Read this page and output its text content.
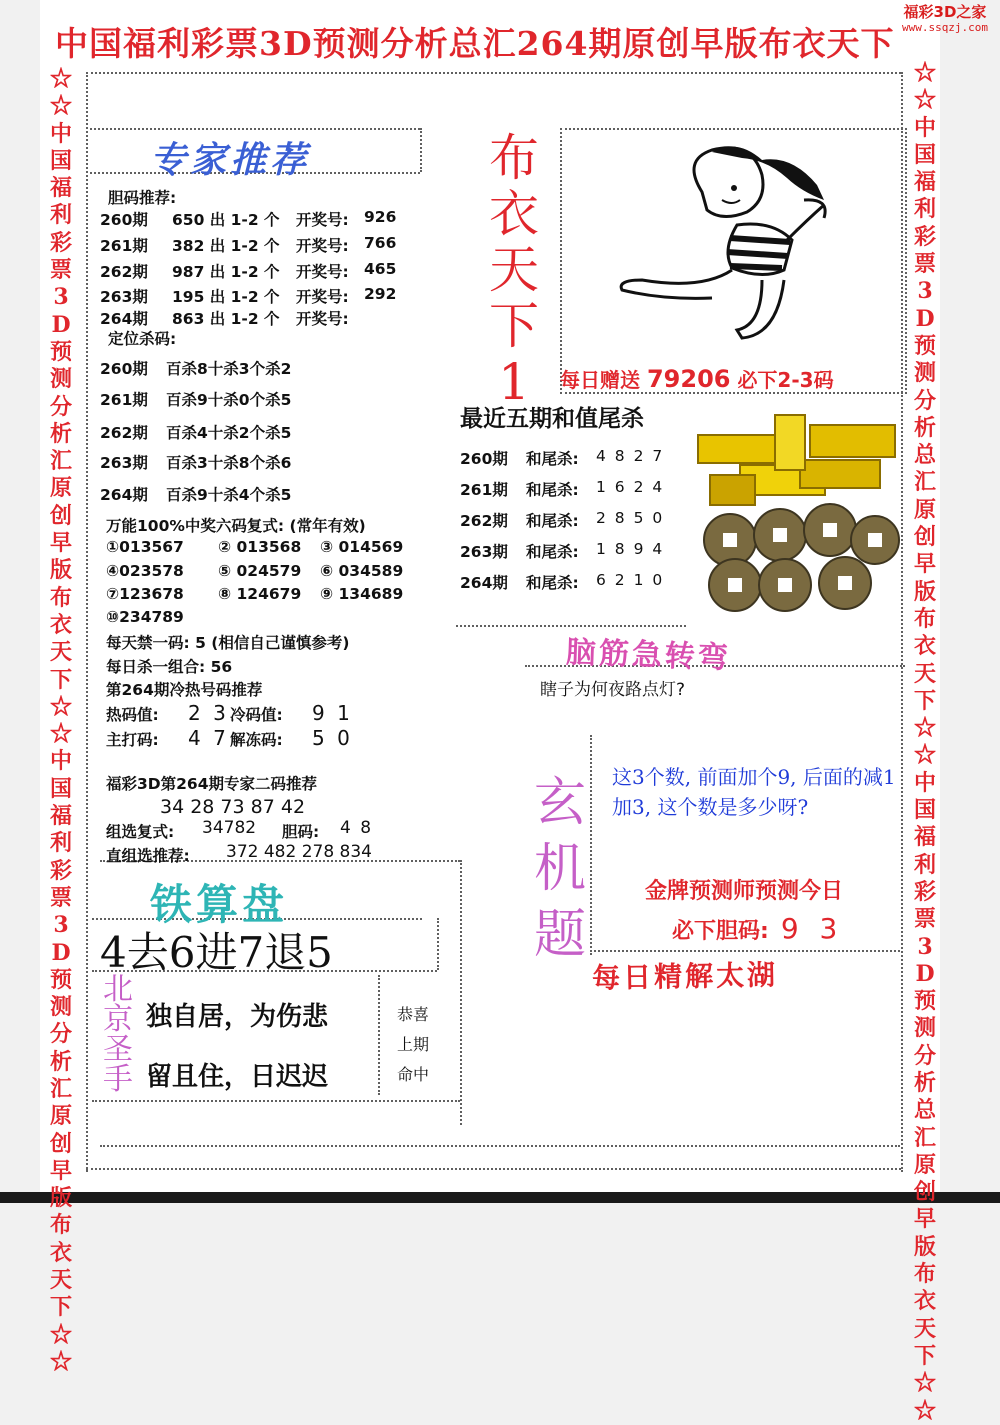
中国福利彩票3D预测分析总汇264期原创早版布衣天下
福彩3D之家
www.ssqzj.com
☆☆中国福利彩票3D预测分析汇原创早版布衣天下☆☆中国福利彩票3D预测分析汇原创早版布衣天下☆☆
☆☆中国福利彩票3D预测分析总汇原创早版布衣天下☆☆中国福利彩票3D预测分析总汇原创早版布衣天下☆☆
专家推荐
胆码推荐:
260期 650 出 1-2 个 开奖号: 926
261期 382 出 1-2 个 开奖号: 766
262期 987 出 1-2 个 开奖号: 465
263期 195 出 1-2 个 开奖号: 292
264期 863 出 1-2 个 开奖号:
定位杀码:
260期 百杀8十杀3个杀2
261期 百杀9十杀0个杀5
262期 百杀4十杀2个杀5
263期 百杀3十杀8个杀6
264期 百杀9十杀4个杀5
万能100%中奖六码复式: (常年有效)
①013567 ② 013568 ③ 014569
④023578 ⑤ 024579 ⑥ 034589
⑦123678 ⑧ 124679 ⑨ 134689
⑩234789
每天禁一码: 5 (相信自己谨慎参考)
每日杀一组合: 56
第264期冷热号码推荐
热码值: 2 3 冷码值: 9 1
主打码: 4 7 解冻码: 5 0
福彩3D第264期专家二码推荐
34 28 73 87 42
组选复式: 34782 胆码: 4 8
直组选推荐: 372 482 278 834
布衣天下1	每日赠送 79206 必下2-3码
最近五期和值尾杀
260期 和尾杀: 4 8 2 7
261期 和尾杀: 1 6 2 4
262期 和尾杀: 2 8 5 0
263期 和尾杀: 1 8 9 4
264期 和尾杀: 6 2 1 0
脑筋急转弯
瞎子为何夜路点灯?
玄机题
这3个数, 前面加个9, 后面的减1加3, 这个数是多少呀?
金牌预测师预测今日
必下胆码: 9 3
每日精解太湖
铁算盘
4去6进7退5
北京圣手
独自居，为伤悲
留且住，日迟迟
恭喜
上期
命中
